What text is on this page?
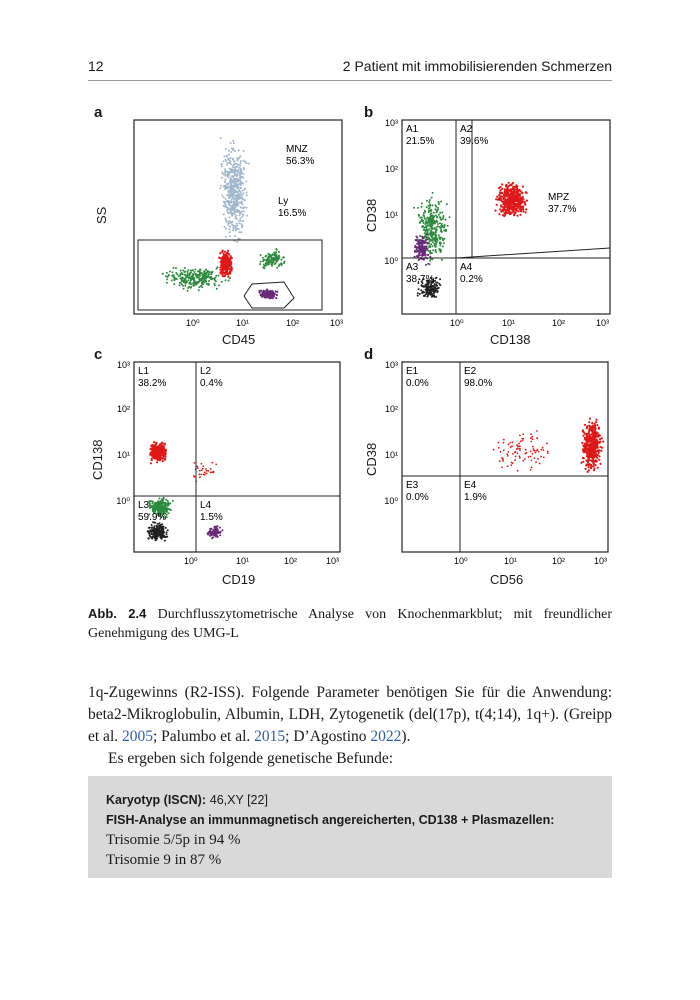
12	2 Patient mit immobilisierenden Schmerzen
a
MNZ
56.3%
Ly
16.5%
10⁰	10¹	10²	10³
CD45
SS
b
A1
21.5%
A2
39.6%
MPZ
37.7%
A3
38.7%
A4
0.2%
10³
10²
10¹
10⁰
10⁰	10¹	10²	10³
CD138
CD38
c
L1
38.2%
L2
0.4%
L3
59.9%
L4
1.5%
10³
10²
10¹
10⁰
10⁰	10¹	10²	10³
CD19
CD138
d
E1
0.0%
E2
98.0%
E3
0.0%
E4
1.9%
10³
10²
10¹
10⁰
10⁰	10¹	10²	10³
CD56
CD38
Abb. 2.4 Durchflusszytometrische Analyse von Knochenmarkblut; mit freundlicher Genehmigung des UMG-L

1q-Zugewinns (R2-ISS). Folgende Parameter benötigen Sie für die Anwendung: beta2-Mikroglobulin, Albumin, LDH, Zytogenetik (del(17p), t(4;14), 1q+). (Greipp et al. 2005; Palumbo et al. 2015; D’Agostino 2022).

Es ergeben sich folgende genetische Befunde:

Karyotyp (ISCN): 46,XY [22]
FISH-Analyse an immunmagnetisch angereicherten, CD138 + Plasmazellen:
Trisomie 5/5p in 94 %
Trisomie 9 in 87 %
